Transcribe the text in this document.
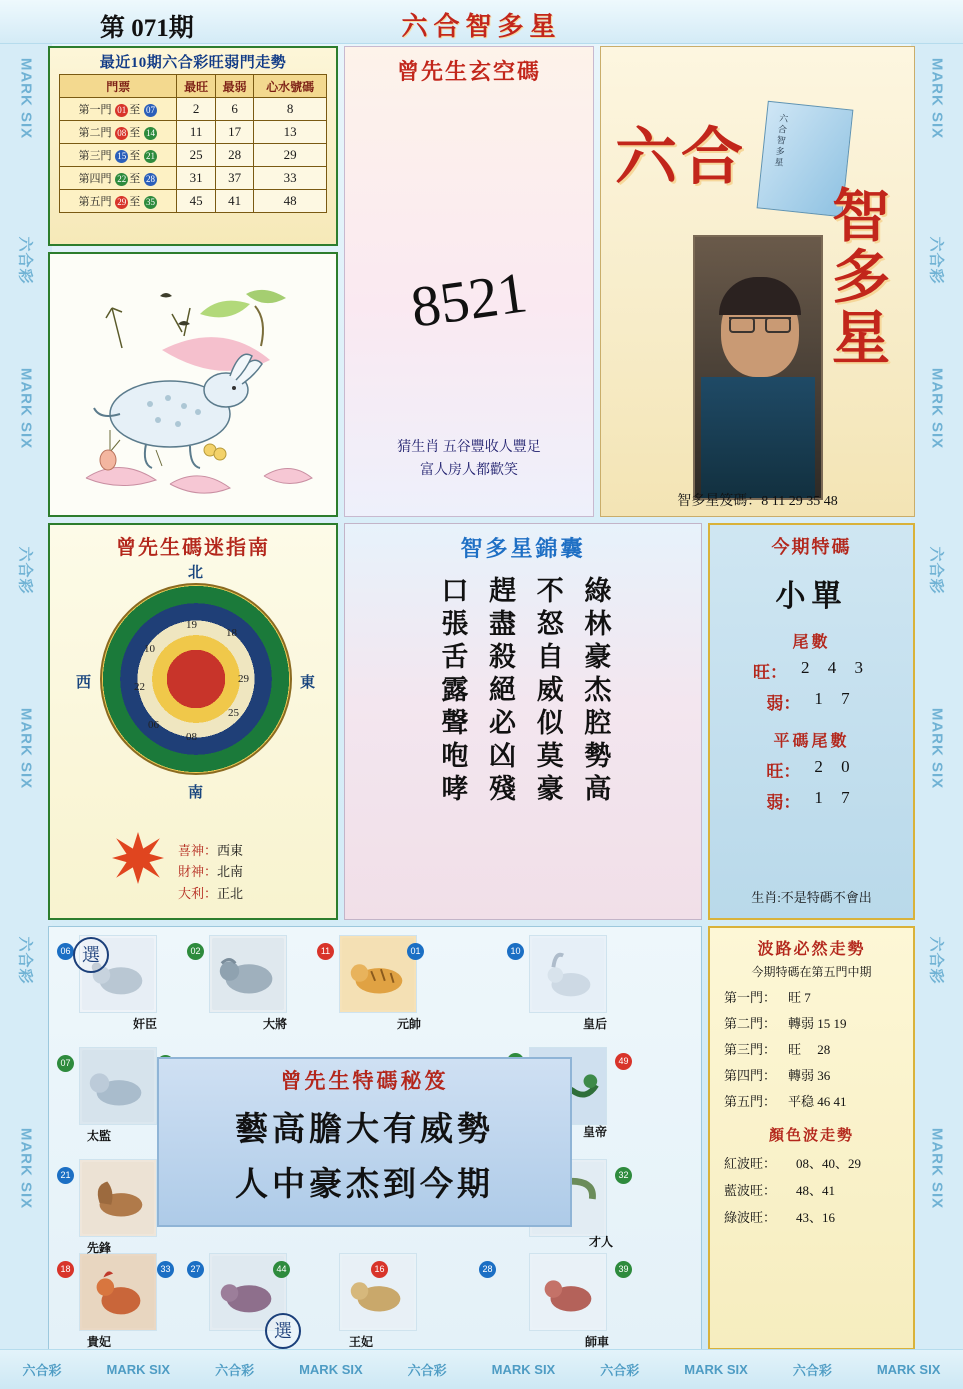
MARK SIX
六合彩
MARK SIX
六合彩
MARK SIX
六合彩
MARK SIX
MARK SIX
六合彩
MARK SIX
六合彩
MARK SIX
六合彩
MARK SIX
第 071期	六合智多星
最近10期六合彩旺弱門走勢
門票	最旺	最弱	心水號碼
第一門 01 至 07	2	6	8
第二門 08 至 14	11	17	13
第三門 15 至 21	25	28	29
第四門 22 至 28	31	37	33
第五門 29 至 35	45	41	48
曾先生玄空碼
8521
猜生肖 五谷豐收人豐足
富人房人都歡笑
六合	六合智多星
智多星
智多星笈碼：8 11 29 35 48
曾先生碼迷指南
北
南
東
西
19
18
10
29
22
25
06
08
喜神：西東
財神：北南
大利：正北
智多星錦囊
綠林豪杰腔勢高
不怒自威似莫豪
趕盡殺絕必凶殘
口張舌露聲咆哮
今期特碼
小單
尾數
旺： 2 4 3
弱： 1 7
平碼尾數
旺： 2 0
弱： 1 7
生肖:不是特碼不會出
奸臣	大將	元帥	皇后
太監	皇帝
先鋒	才人
貴妃	王妃	師車
06	02	11	10
07
21	32
18	27	39
01
33	44	16	28
49
選
選
曾先生特碼秘笈
藝高膽大有威勢
人中豪杰到今期
波路必然走勢
今期特碼在第五門中期
第一門： 旺 7
第二門： 轉弱 15 19
第三門： 旺　 28
第四門： 轉弱 36
第五門： 平稳 46 41
顏色波走勢
紅波旺：	08、40、29
藍波旺：	48、41
綠波旺：	43、16
六合彩	MARK SIX	六合彩	MARK SIX	六合彩	MARK SIX	六合彩	MARK SIX	六合彩	MARK SIX
